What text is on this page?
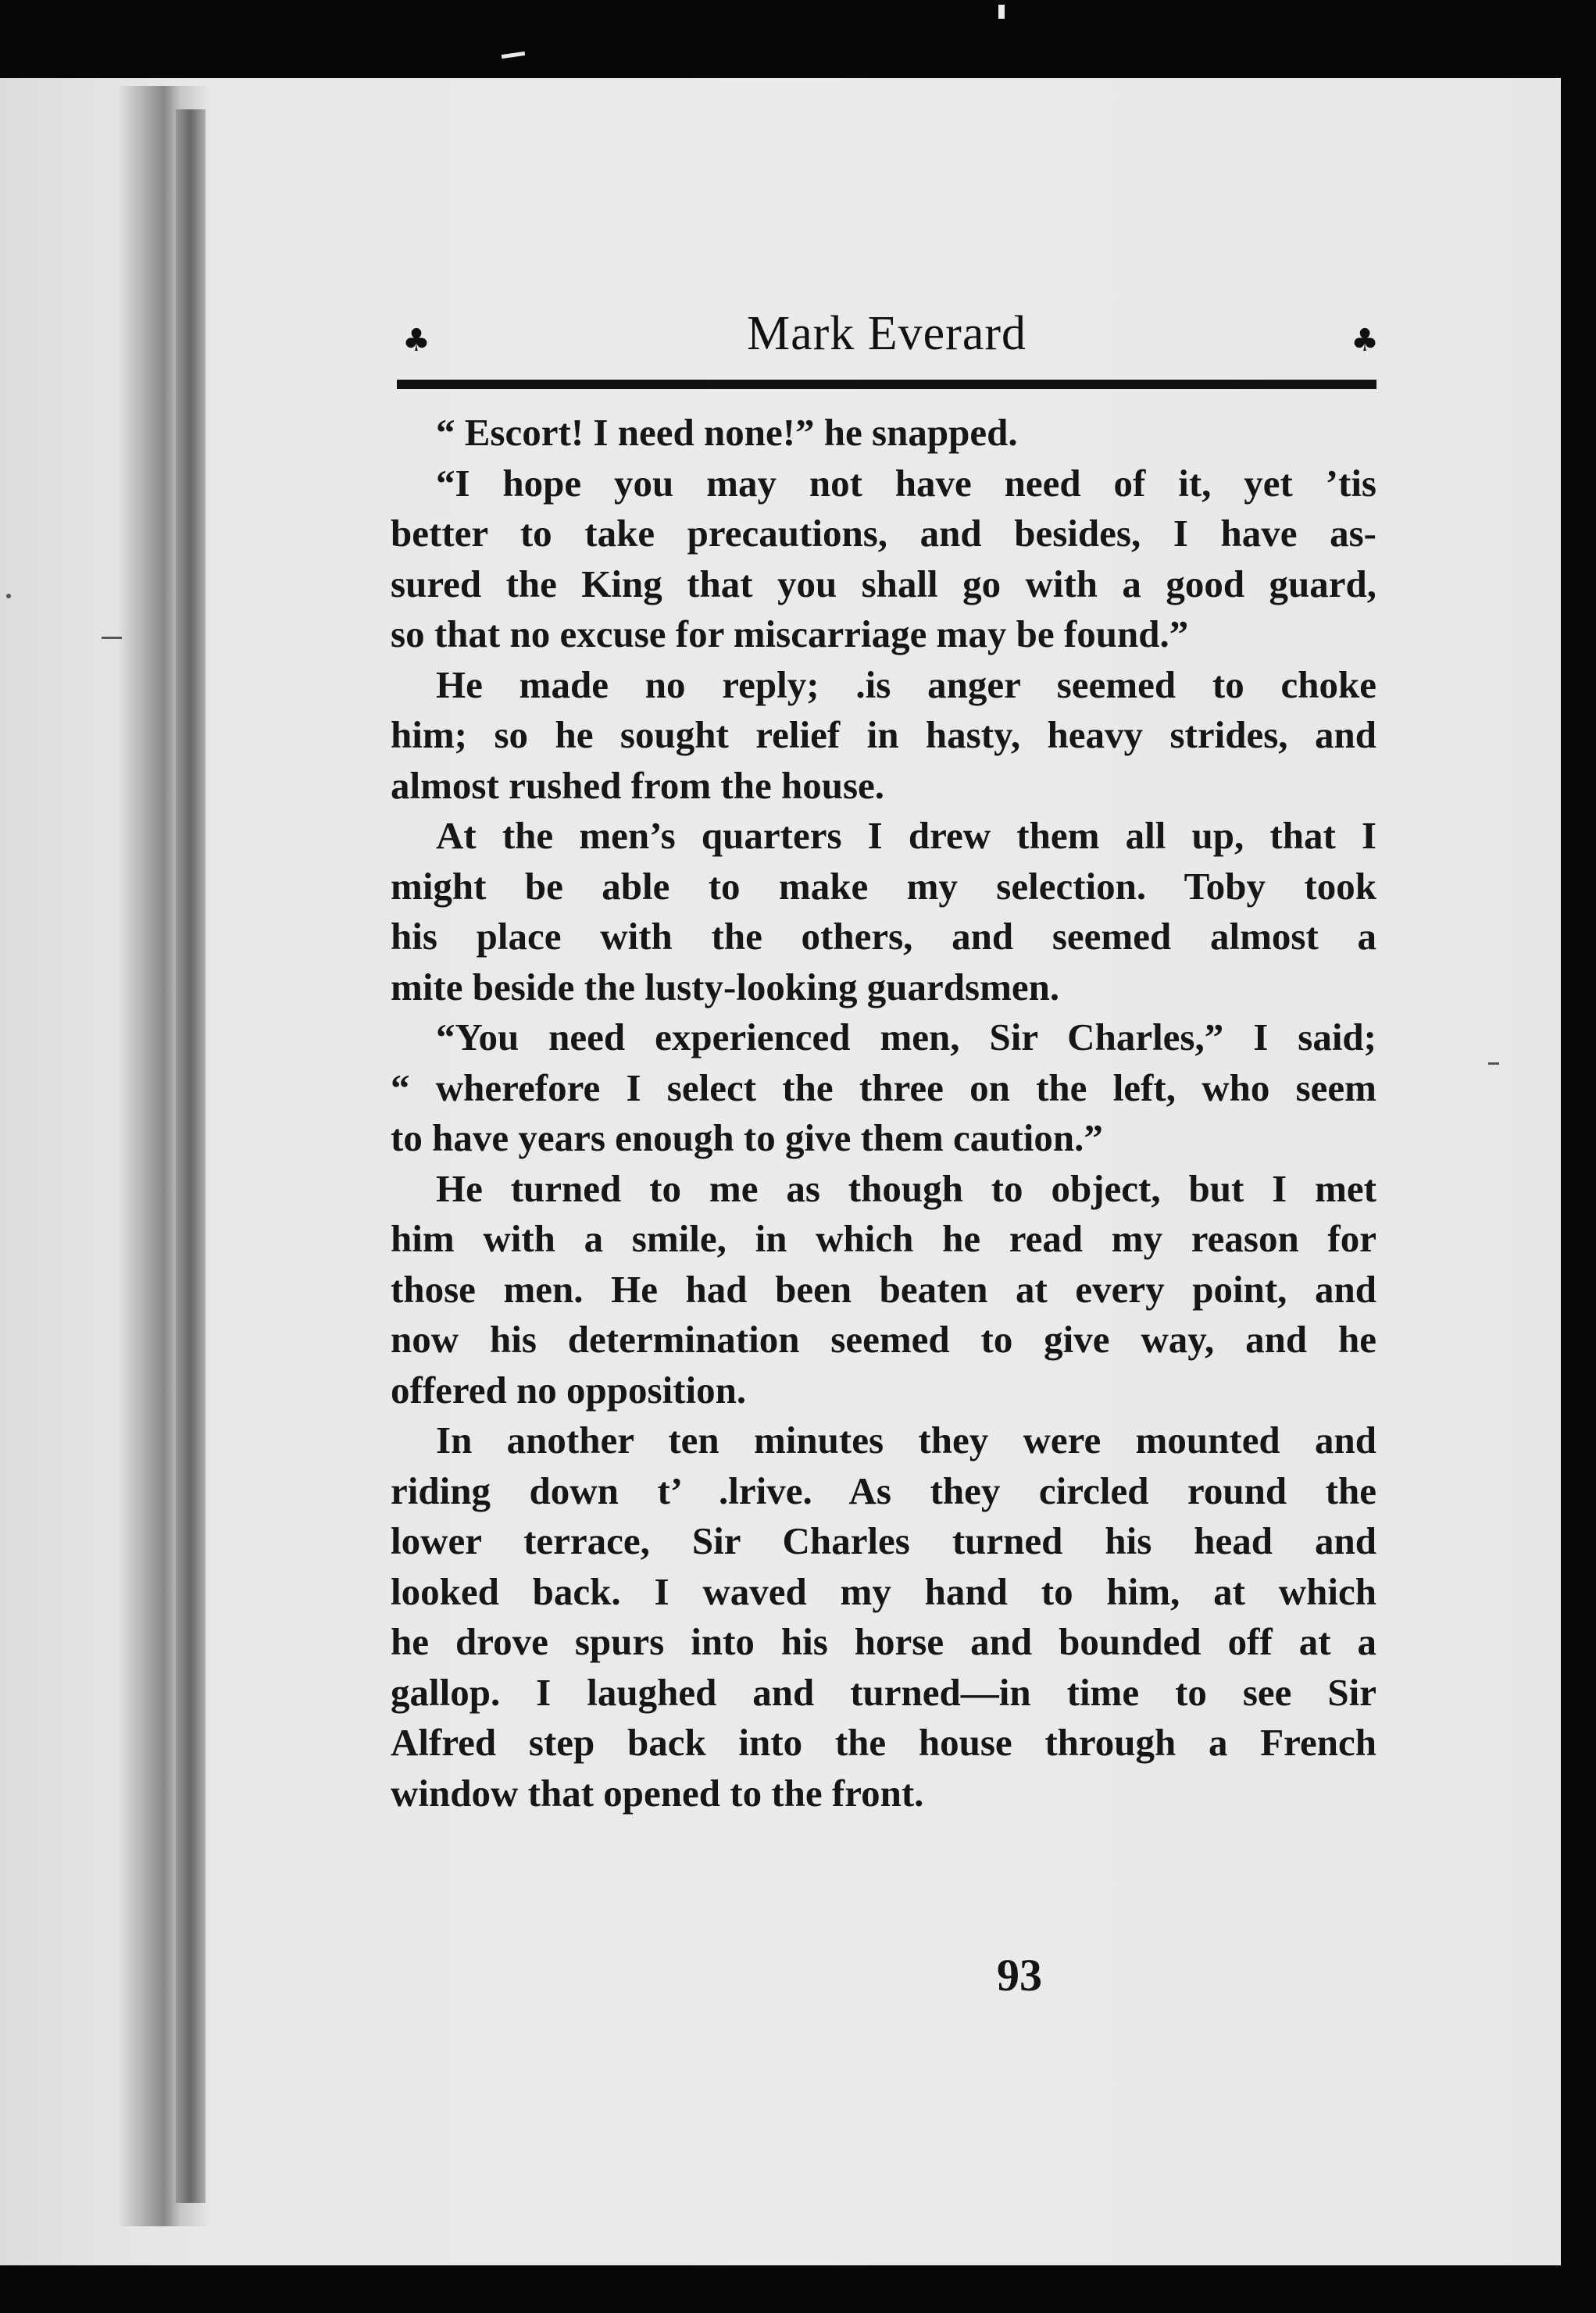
♣	Mark Everard	♣
“ Escort! I need none!” he snapped.
“I hope you may not have need of it, yet ’tis
better to take precautions, and besides, I have as-
sured the King that you shall go with a good guard,
so that no excuse for miscarriage may be found.”
He made no reply; .is anger seemed to choke
him; so he sought relief in hasty, heavy strides, and
almost rushed from the house.
At the men’s quarters I drew them all up, that I
might be able to make my selection. Toby took
his place with the others, and seemed almost a
mite beside the lusty-looking guardsmen.
“You need experienced men, Sir Charles,” I said;
“ wherefore I select the three on the left, who seem
to have years enough to give them caution.”
He turned to me as though to object, but I met
him with a smile, in which he read my reason for
those men. He had been beaten at every point, and
now his determination seemed to give way, and he
offered no opposition.
In another ten minutes they were mounted and
riding down t’ .lrive. As they circled round the
lower terrace, Sir Charles turned his head and
looked back. I waved my hand to him, at which
he drove spurs into his horse and bounded off at a
gallop. I laughed and turned—in time to see Sir
Alfred step back into the house through a French
window that opened to the front.
93
